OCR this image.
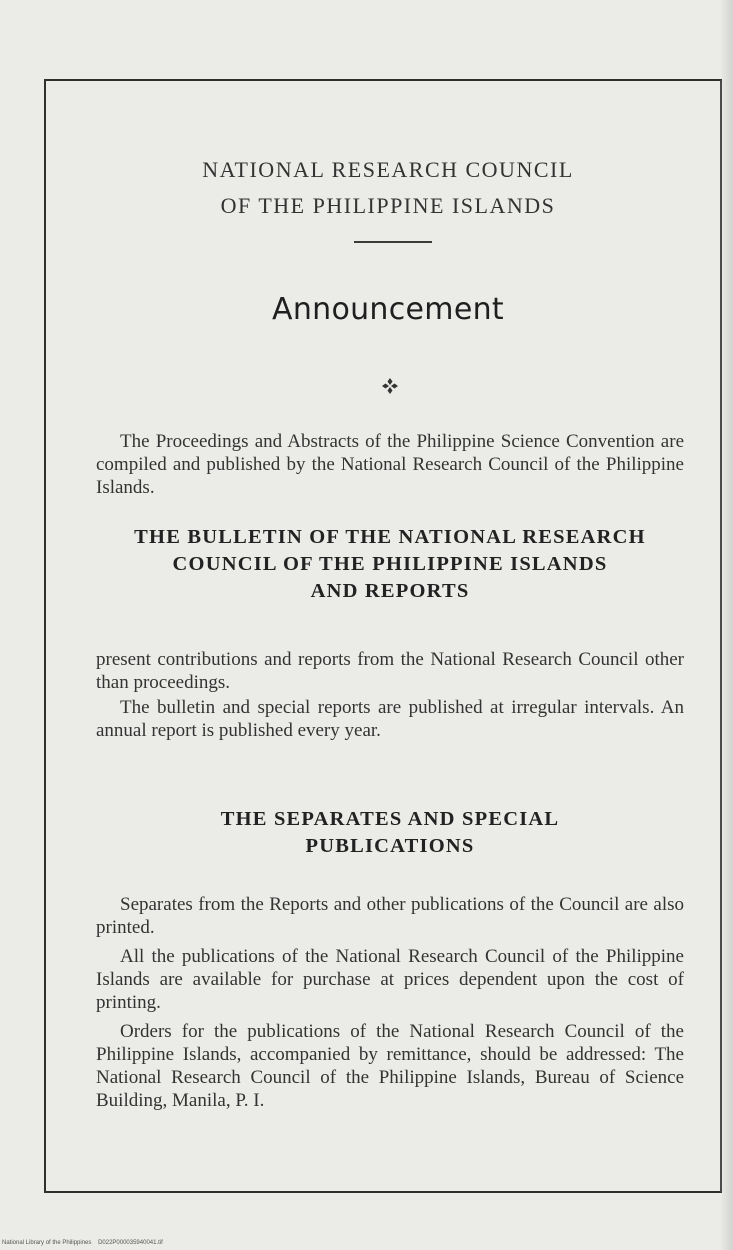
NATIONAL RESEARCH COUNCIL
OF THE PHILIPPINE ISLANDS
Announcement
The Proceedings and Abstracts of the Philippine Science Convention are compiled and published by the National Research Council of the Philippine Islands.
THE BULLETIN OF THE NATIONAL RESEARCH
COUNCIL OF THE PHILIPPINE ISLANDS
AND REPORTS
present contributions and reports from the National Research Council other than proceedings.
The bulletin and special reports are published at irregular intervals. An annual report is published every year.
THE SEPARATES AND SPECIAL
PUBLICATIONS
Separates from the Reports and other publications of the Council are also printed.
All the publications of the National Research Council of the Philippine Islands are available for purchase at prices dependent upon the cost of printing.
Orders for the publications of the National Research Council of the Philippine Islands, accompanied by remittance, should be addressed: The National Research Council of the Philippine Islands, Bureau of Science Building, Manila, P. I.
National Library of the Philippines D022P000035940041.tif
